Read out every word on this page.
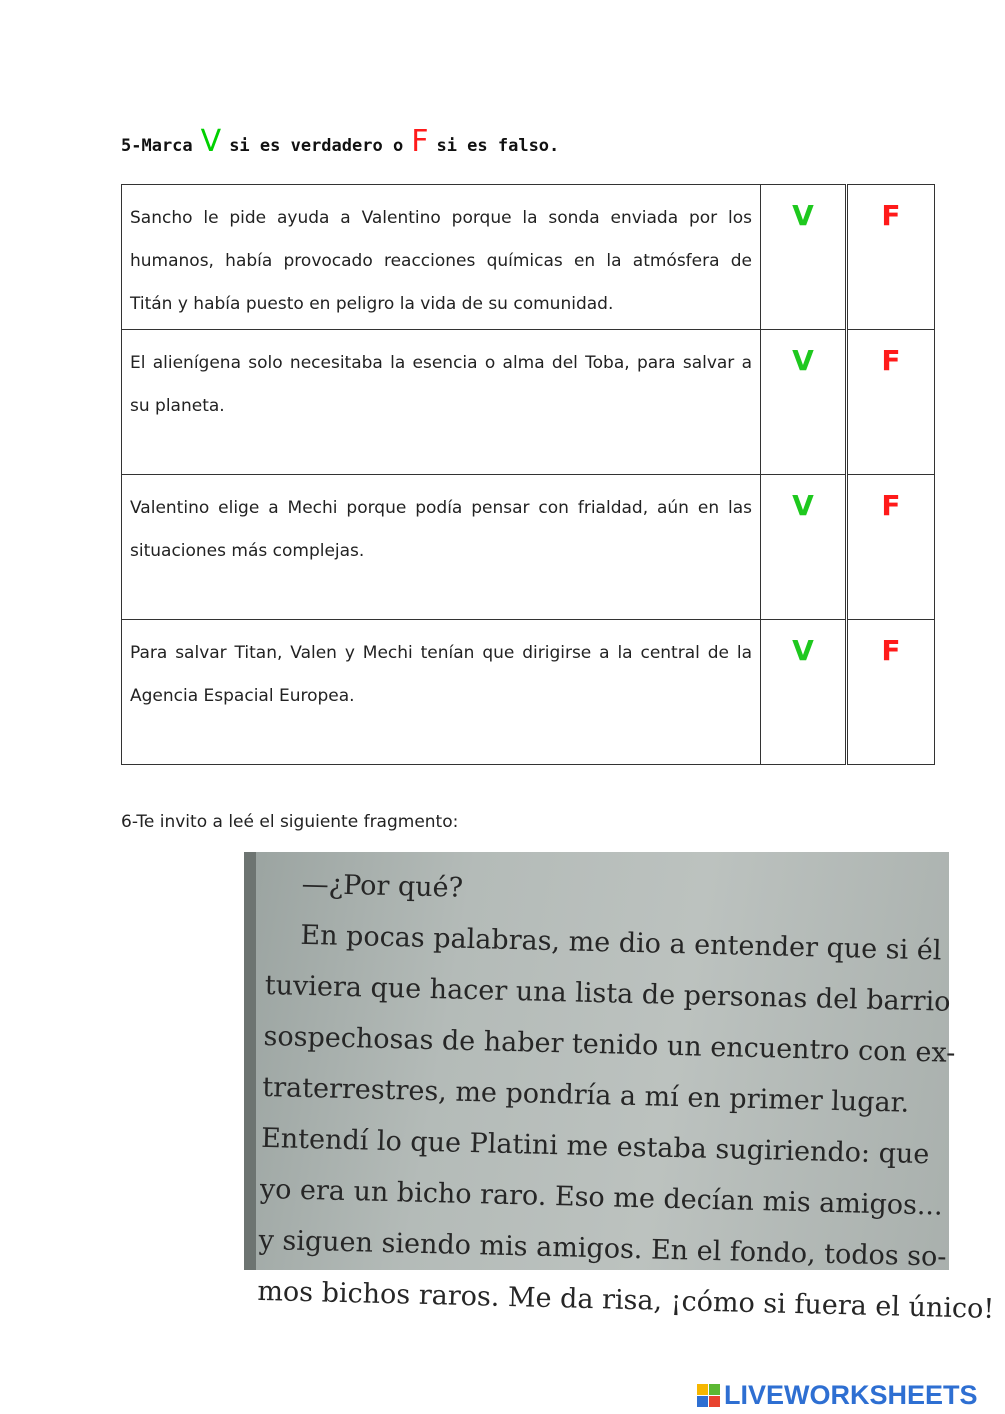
5-Marca V si es verdadero o F si es falso.
Sancho le pide ayuda a Valentino porque la sonda enviada por los humanos, había provocado reacciones químicas en la atmósfera de Titán y había puesto en peligro la vida de su comunidad.	V	F

El alienígena solo necesitaba la esencia o alma del Toba, para salvar a su planeta.	V	F

Valentino elige a Mechi porque podía pensar con frialdad, aún en las situaciones más complejas.	V	F

Para salvar Titan, Valen y Mechi tenían que dirigirse a la central de la Agencia Espacial Europea.	V	F
6-Te invito a leé el siguiente fragmento:
—¿Por qué?
En pocas palabras, me dio a entender que si él
tuviera que hacer una lista de personas del barrio
sospechosas de haber tenido un encuentro con ex-
traterrestres, me pondría a mí en primer lugar.
Entendí lo que Platini me estaba sugiriendo: que
yo era un bicho raro. Eso me decían mis amigos...
y siguen siendo mis amigos. En el fondo, todos so-
mos bichos raros. Me da risa, ¡cómo si fuera el único!
LIVEWORKSHEETS
